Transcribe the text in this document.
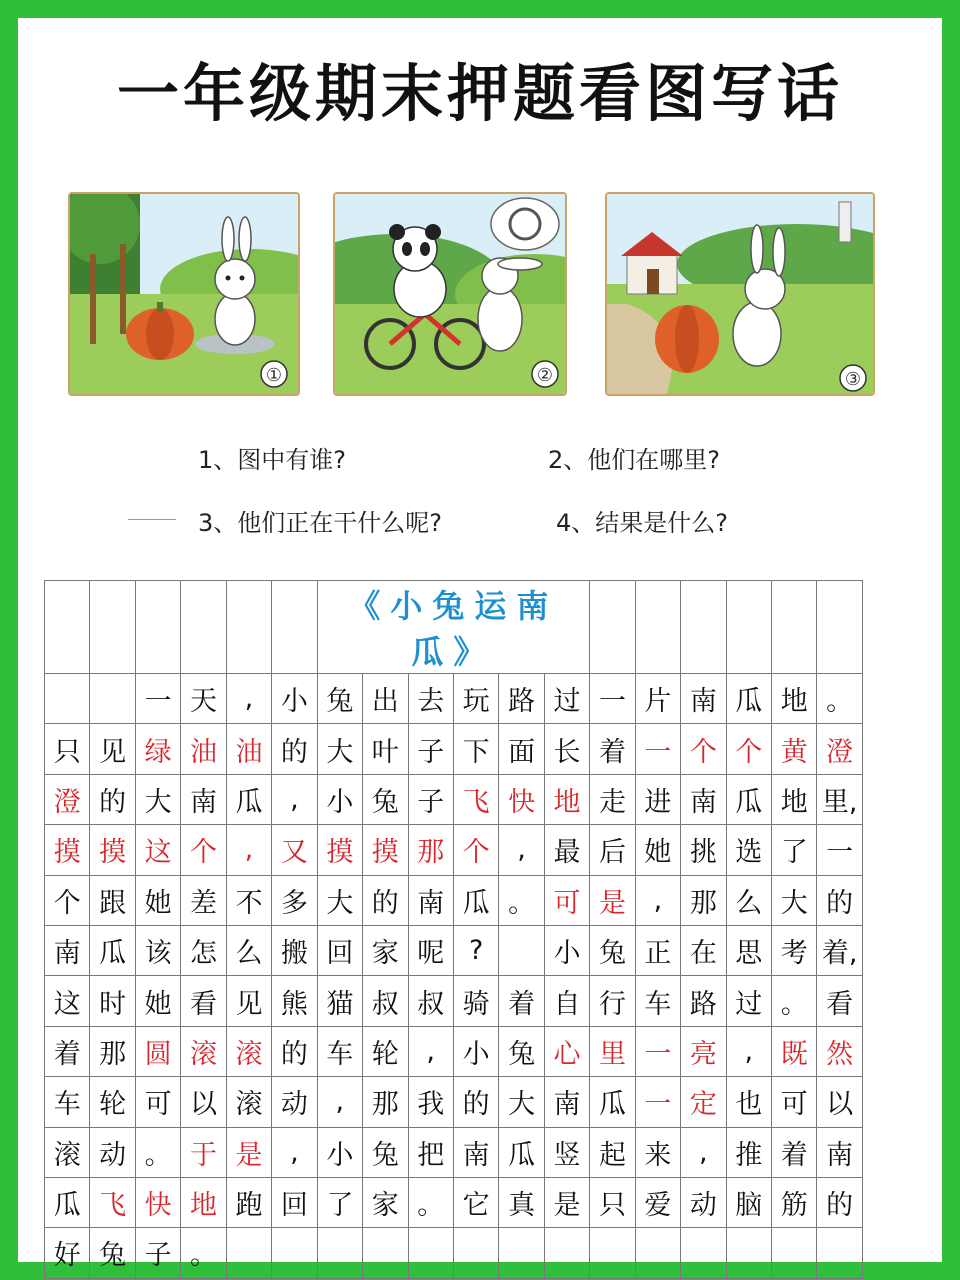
一年级期末押题看图写话
①	②	③
1、图中有谁?	2、他们在哪里?
3、他们正在干什么呢?	4、结果是什么?
						《小兔运南瓜》											
		一	天	,	小	兔	出	去	玩	路	过	一	片	南	瓜	地	。
只	见	绿	油	油	的	大	叶	子	下	面	长	着	一	个	个	黄	澄
澄	的	大	南	瓜	,	小	兔	子	飞	快	地	走	进	南	瓜	地	里,
摸	摸	这	个	,	又	摸	摸	那	个	,	最	后	她	挑	选	了	一
个	跟	她	差	不	多	大	的	南	瓜	。	可	是	,	那	么	大	的
南	瓜	该	怎	么	搬	回	家	呢	?		小	兔	正	在	思	考	着,
这	时	她	看	见	熊	猫	叔	叔	骑	着	自	行	车	路	过	。	看
着	那	圆	滚	滚	的	车	轮	,	小	兔	心	里	一	亮	,	既	然
车	轮	可	以	滚	动	,	那	我	的	大	南	瓜	一	定	也	可	以
滚	动	。	于	是	,	小	兔	把	南	瓜	竖	起	来	,	推	着	南
瓜	飞	快	地	跑	回	了	家	。	它	真	是	只	爱	动	脑	筋	的
好	兔	子	。														
